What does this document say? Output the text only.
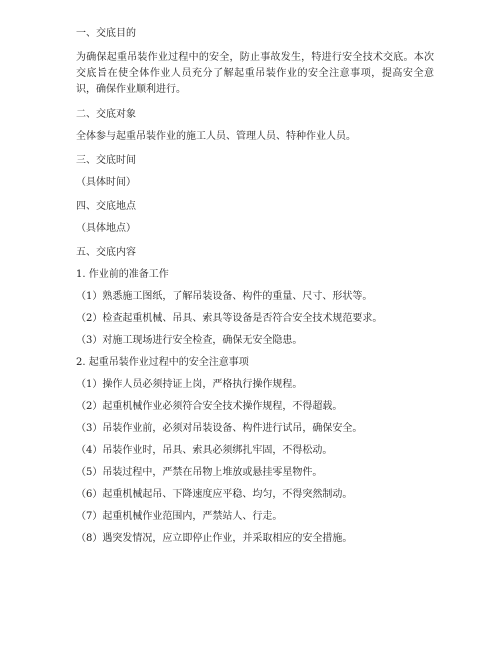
一、交底目的

为确保起重吊装作业过程中的安全，防止事故发生，特进行安全技术交底。本次交底旨在使全体作业人员充分了解起重吊装作业的安全注意事项，提高安全意识，确保作业顺利进行。

二、交底对象

全体参与起重吊装作业的施工人员、管理人员、特种作业人员。

三、交底时间

（具体时间）

四、交底地点

（具体地点）

五、交底内容

1. 作业前的准备工作

（1）熟悉施工图纸，了解吊装设备、构件的重量、尺寸、形状等。

（2）检查起重机械、吊具、索具等设备是否符合安全技术规范要求。

（3）对施工现场进行安全检查，确保无安全隐患。

2. 起重吊装作业过程中的安全注意事项

（1）操作人员必须持证上岗，严格执行操作规程。

（2）起重机械作业必须符合安全技术操作规程，不得超载。

（3）吊装作业前，必须对吊装设备、构件进行试吊，确保安全。

（4）吊装作业时，吊具、索具必须绑扎牢固，不得松动。

（5）吊装过程中，严禁在吊物上堆放或悬挂零星物件。

（6）起重机械起吊、下降速度应平稳、均匀，不得突然制动。

（7）起重机械作业范围内，严禁站人、行走。

（8）遇突发情况，应立即停止作业，并采取相应的安全措施。
